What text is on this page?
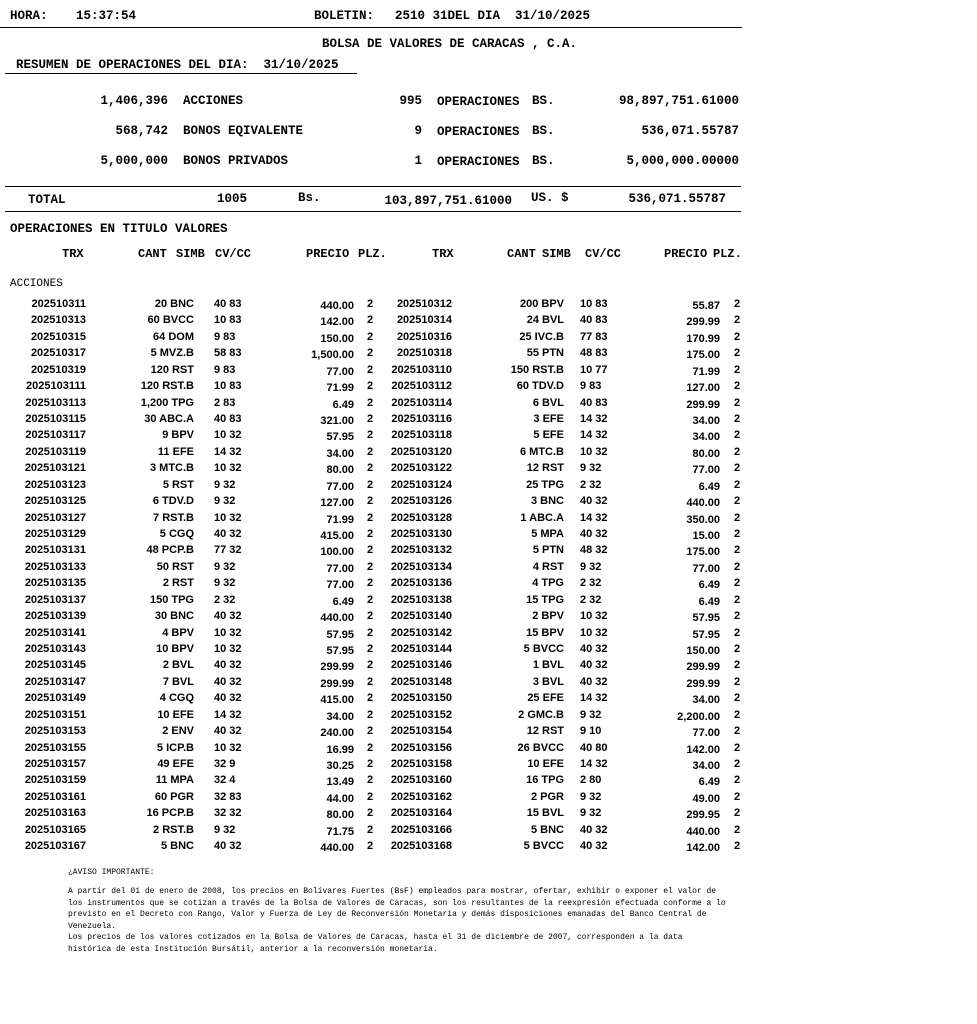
HORA: 15:37:54	BOLETIN: 2510 31DEL DIA  31/10/2025
BOLSA DE VALORES DE CARACAS , C.A.
RESUMEN DE OPERACIONES DEL DIA:  31/10/2025
1,406,396 ACCIONES	995 OPERACIONES BS.	98,897,751.61000
568,742 BONOS EQIVALENTE	9 OPERACIONES BS.	536,071.55787
5,000,000 BONOS PRIVADOS	1 OPERACIONES BS.	5,000,000.00000
TOTAL	1005	Bs.	103,897,751.61000 US. $	536,071.55787
OPERACIONES EN TITULO VALORES
TRX	CANT SIMB CV/CC	PRECIO PLZ.	TRX	CANT SIMB CV/CC	PRECIO PLZ.
ACCIONES
202510311	20 BNC 40 83	440.00 2	202510312	200 BPV 10 83	55.87 2
202510313	60 BVCC 10 83	142.00 2	202510314	24 BVL 40 83	299.99 2
202510315	64 DOM 9 83	150.00 2	202510316	25 IVC.B 77 83	170.99 2
202510317	5 MVZ.B 58 83	1,500.00 2	202510318	55 PTN 48 83	175.00 2
202510319	120 RST 9 83	77.00 2	2025103110	150 RST.B 10 77	71.99 2
2025103111	120 RST.B 10 83	71.99 2	2025103112	60 TDV.D 9 83	127.00 2
2025103113	1,200 TPG 2 83	6.49 2	2025103114	6 BVL 40 83	299.99 2
2025103115	30 ABC.A 40 83	321.00 2	2025103116	3 EFE 14 32	34.00 2
2025103117	9 BPV 10 32	57.95 2	2025103118	5 EFE 14 32	34.00 2
2025103119	11 EFE 14 32	34.00 2	2025103120	6 MTC.B 10 32	80.00 2
2025103121	3 MTC.B 10 32	80.00 2	2025103122	12 RST 9 32	77.00 2
2025103123	5 RST 9 32	77.00 2	2025103124	25 TPG 2 32	6.49 2
2025103125	6 TDV.D 9 32	127.00 2	2025103126	3 BNC 40 32	440.00 2
2025103127	7 RST.B 10 32	71.99 2	2025103128	1 ABC.A 14 32	350.00 2
2025103129	5 CGQ 40 32	415.00 2	2025103130	5 MPA 40 32	15.00 2
2025103131	48 PCP.B 77 32	100.00 2	2025103132	5 PTN 48 32	175.00 2
2025103133	50 RST 9 32	77.00 2	2025103134	4 RST 9 32	77.00 2
2025103135	2 RST 9 32	77.00 2	2025103136	4 TPG 2 32	6.49 2
2025103137	150 TPG 2 32	6.49 2	2025103138	15 TPG 2 32	6.49 2
2025103139	30 BNC 40 32	440.00 2	2025103140	2 BPV 10 32	57.95 2
2025103141	4 BPV 10 32	57.95 2	2025103142	15 BPV 10 32	57.95 2
2025103143	10 BPV 10 32	57.95 2	2025103144	5 BVCC 40 32	150.00 2
2025103145	2 BVL 40 32	299.99 2	2025103146	1 BVL 40 32	299.99 2
2025103147	7 BVL 40 32	299.99 2	2025103148	3 BVL 40 32	299.99 2
2025103149	4 CGQ 40 32	415.00 2	2025103150	25 EFE 14 32	34.00 2
2025103151	10 EFE 14 32	34.00 2	2025103152	2 GMC.B 9 32	2,200.00 2
2025103153	2 ENV 40 32	240.00 2	2025103154	12 RST 9 10	77.00 2
2025103155	5 ICP.B 10 32	16.99 2	2025103156	26 BVCC 40 80	142.00 2
2025103157	49 EFE 32 9	30.25 2	2025103158	10 EFE 14 32	34.00 2
2025103159	11 MPA 32 4	13.49 2	2025103160	16 TPG 2 80	6.49 2
2025103161	60 PGR 32 83	44.00 2	2025103162	2 PGR 9 32	49.00 2
2025103163	16 PCP.B 32 32	80.00 2	2025103164	15 BVL 9 32	299.95 2
2025103165	2 RST.B 9 32	71.75 2	2025103166	5 BNC 40 32	440.00 2
2025103167	5 BNC 40 32	440.00 2	2025103168	5 BVCC 40 32	142.00 2
¿AVISO IMPORTANTE:
A partir del 01 de enero de 2008, los precios en Bolívares Fuertes (BsF) empleados para mostrar, ofertar, exhibir o exponer el valor de
los instrumentos que se cotizan a través de la Bolsa de Valores de Caracas, son los resultantes de la reexpresión efectuada conforme a lo
previsto en el Decreto con Rango, Valor y Fuerza de Ley de Reconversión Monetaria y demás disposiciones emanadas del Banco Central de
Venezuela.
Los precios de los valores cotizados en la Bolsa de Valores de Caracas, hasta el 31 de diciembre de 2007, corresponden a la data
histórica de esta Institución Bursátil, anterior a la reconversión monetaria.
